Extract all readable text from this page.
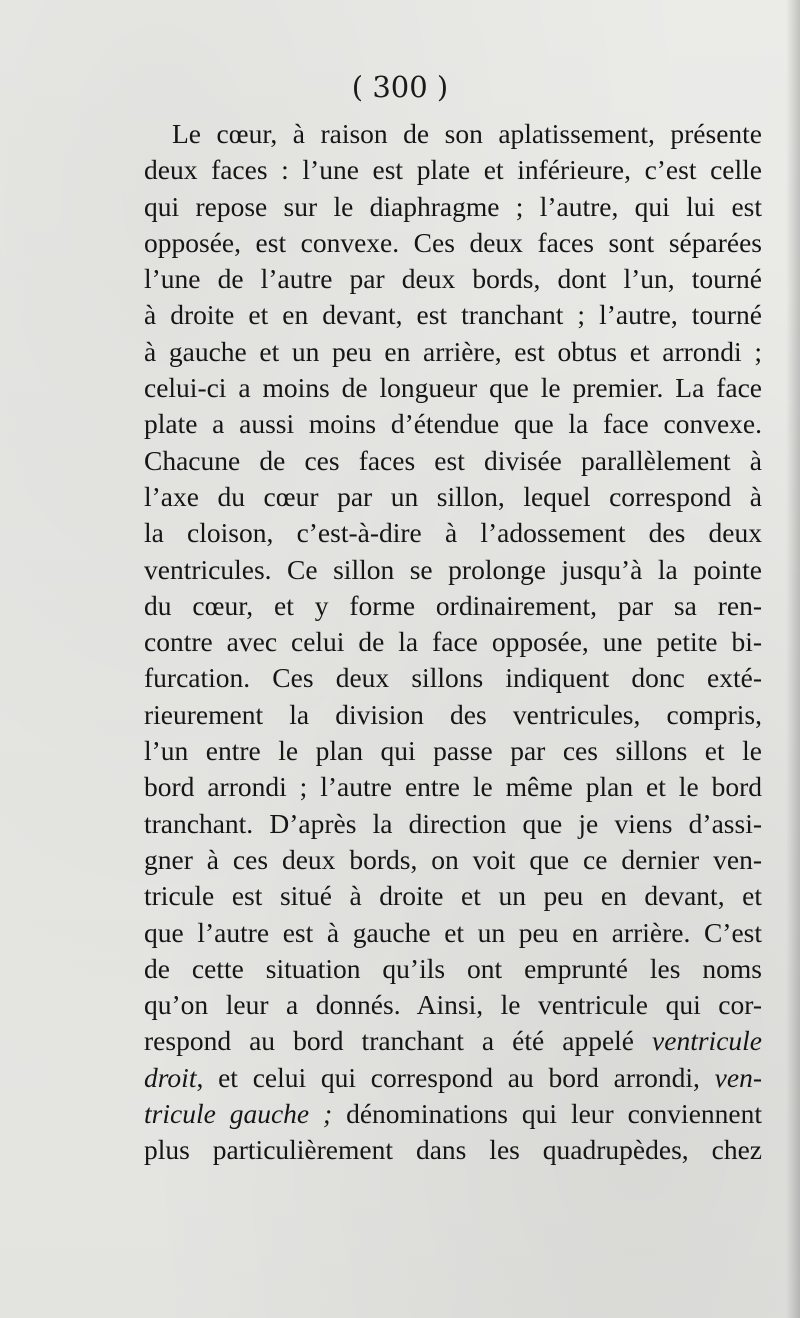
( 300 )

Le cœur, à raison de son aplatissement, présente
deux faces : l’une est plate et inférieure, c’est celle
qui repose sur le diaphragme ; l’autre, qui lui est
opposée, est convexe. Ces deux faces sont séparées
l’une de l’autre par deux bords, dont l’un, tourné
à droite et en devant, est tranchant ; l’autre, tourné
à gauche et un peu en arrière, est obtus et arrondi ;
celui-ci a moins de longueur que le premier. La face
plate a aussi moins d’étendue que la face convexe.
Chacune de ces faces est divisée parallèlement à
l’axe du cœur par un sillon, lequel correspond à
la cloison, c’est-à-dire à l’adossement des deux
ventricules. Ce sillon se prolonge jusqu’à la pointe
du cœur, et y forme ordinairement, par sa ren-
contre avec celui de la face opposée, une petite bi-
furcation. Ces deux sillons indiquent donc exté-
rieurement la division des ventricules, compris,
l’un entre le plan qui passe par ces sillons et le
bord arrondi ; l’autre entre le même plan et le bord
tranchant. D’après la direction que je viens d’assi-
gner à ces deux bords, on voit que ce dernier ven-
tricule est situé à droite et un peu en devant, et
que l’autre est à gauche et un peu en arrière. C’est
de cette situation qu’ils ont emprunté les noms
qu’on leur a donnés. Ainsi, le ventricule qui cor-
respond au bord tranchant a été appelé ventricule
droit, et celui qui correspond au bord arrondi, ven-
tricule gauche ; dénominations qui leur conviennent
plus particulièrement dans les quadrupèdes, chez
